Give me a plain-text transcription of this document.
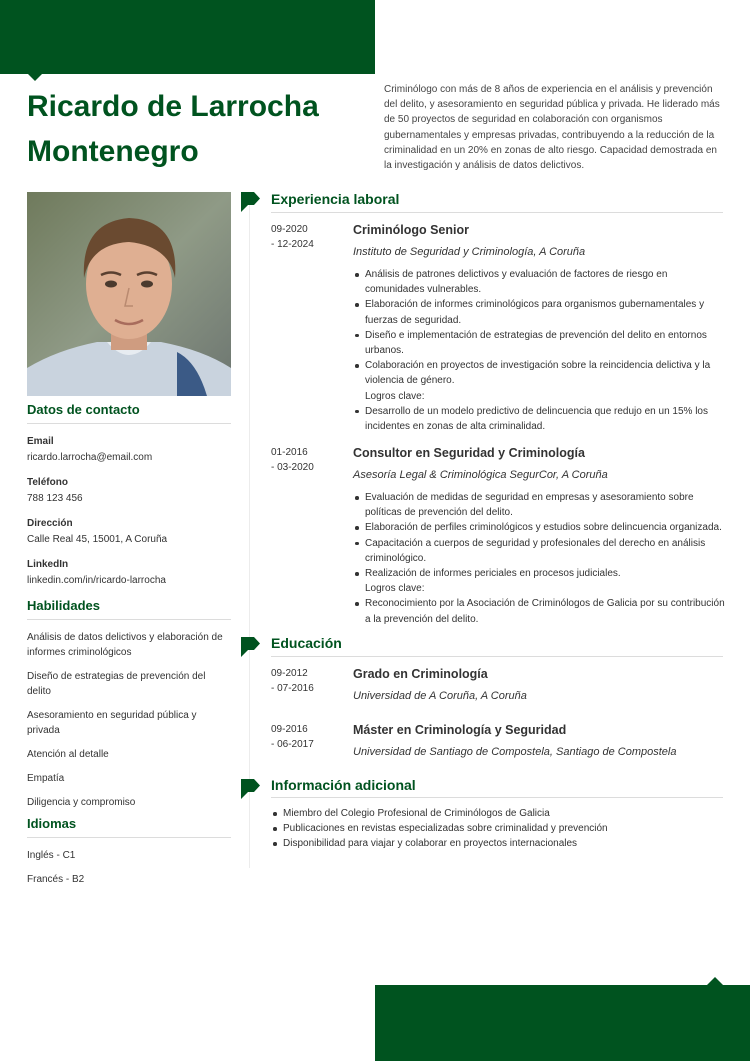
Ricardo de Larrocha Montenegro

Criminólogo con más de 8 años de experiencia en el análisis y prevención del delito, y asesoramiento en seguridad pública y privada. He liderado más de 50 proyectos de seguridad en colaboración con organismos gubernamentales y empresas privadas, contribuyendo a la reducción de la criminalidad en un 20% en zonas de alto riesgo. Capacidad demostrada en la investigación y análisis de datos delictivos.

Datos de contacto
Email
ricardo.larrocha@email.com
Teléfono
788 123 456
Dirección
Calle Real 45, 15001, A Coruña
LinkedIn
linkedin.com/in/ricardo-larrocha
Habilidades
Análisis de datos delictivos y elaboración de informes criminológicos
Diseño de estrategias de prevención del delito
Asesoramiento en seguridad pública y privada
Atención al detalle
Empatía
Diligencia y compromiso
Idiomas
Inglés - C1
Francés - B2
Experiencia laboral
09-2020
- 12-2024
Criminólogo Senior
Instituto de Seguridad y Criminología, A Coruña
Análisis de patrones delictivos y evaluación de factores de riesgo en comunidades vulnerables.
Elaboración de informes criminológicos para organismos gubernamentales y fuerzas de seguridad.
Diseño e implementación de estrategias de prevención del delito en entornos urbanos.
Colaboración en proyectos de investigación sobre la reincidencia delictiva y la violencia de género.
Logros clave:
Desarrollo de un modelo predictivo de delincuencia que redujo en un 15% los incidentes en zonas de alta criminalidad.
01-2016
- 03-2020
Consultor en Seguridad y Criminología
Asesoría Legal & Criminológica SegurCor, A Coruña
Evaluación de medidas de seguridad en empresas y asesoramiento sobre políticas de prevención del delito.
Elaboración de perfiles criminológicos y estudios sobre delincuencia organizada.
Capacitación a cuerpos de seguridad y profesionales del derecho en análisis criminológico.
Realización de informes periciales en procesos judiciales.
Logros clave:
Reconocimiento por la Asociación de Criminólogos de Galicia por su contribución a la prevención del delito.
Educación
09-2012
- 07-2016
Grado en Criminología
Universidad de A Coruña, A Coruña
09-2016
- 06-2017
Máster en Criminología y Seguridad
Universidad de Santiago de Compostela, Santiago de Compostela
Información adicional
Miembro del Colegio Profesional de Criminólogos de Galicia
Publicaciones en revistas especializadas sobre criminalidad y prevención
Disponibilidad para viajar y colaborar en proyectos internacionales
